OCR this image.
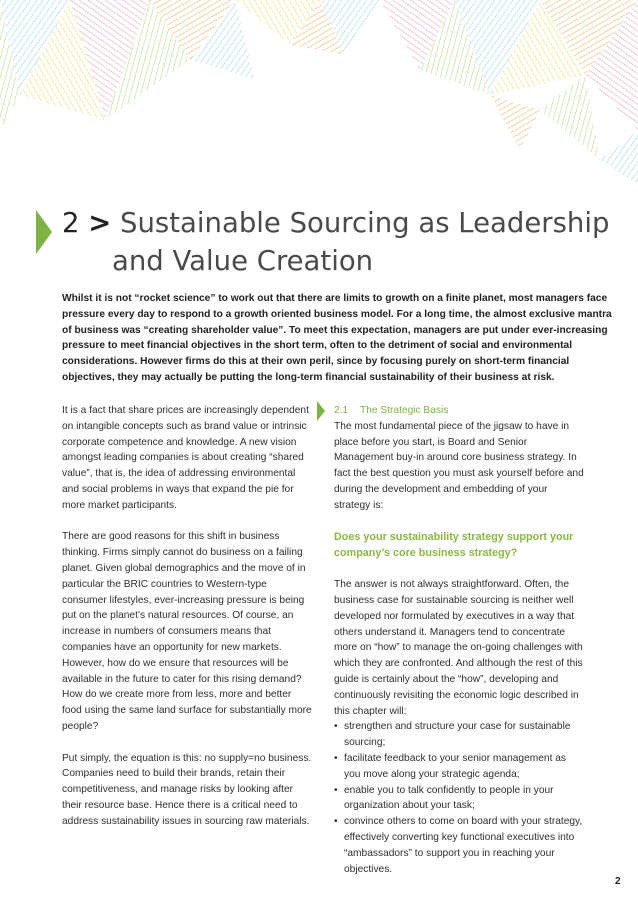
2 > Sustainable Sourcing as Leadership
and Value Creation

Whilst it is not “rocket science” to work out that there are limits to growth on a finite planet, most managers face pressure every day to respond to a growth oriented business model. For a long time, the almost exclusive mantra of business was “creating shareholder value”. To meet this expectation, managers are put under ever-increasing pressure to meet financial objectives in the short term, often to the detriment of social and environmental considerations. However firms do this at their own peril, since by focusing purely on short-term financial objectives, they may actually be putting the long-term financial sustainability of their business at risk.

It is a fact that share prices are increasingly dependent on intangible concepts such as brand value or intrinsic corporate competence and knowledge. A new vision amongst leading companies is about creating “shared value”, that is, the idea of addressing environmental and social problems in ways that expand the pie for more market participants.

There are good reasons for this shift in business thinking. Firms simply cannot do business on a failing planet. Given global demographics and the move of in particular the BRIC countries to Western-type consumer lifestyles, ever-increasing pressure is being put on the planet’s natural resources. Of course, an increase in numbers of consumers means that companies have an opportunity for new markets. However, how do we ensure that resources will be available in the future to cater for this rising demand? How do we create more from less, more and better food using the same land surface for substantially more people?

Put simply, the equation is this: no supply=no business. Companies need to build their brands, retain their competitiveness, and manage risks by looking after their resource base. Hence there is a critical need to address sustainability issues in sourcing raw materials.

2.1 The Strategic Basis

The most fundamental piece of the jigsaw to have in place before you start, is Board and Senior Management buy-in around core business strategy. In fact the best question you must ask yourself before and during the development and embedding of your strategy is:

Does your sustainability strategy support your company’s core business strategy?

The answer is not always straightforward. Often, the business case for sustainable sourcing is neither well developed nor formulated by executives in a way that others understand it. Managers tend to concentrate more on “how” to manage the on-going challenges with which they are confronted. And although the rest of this guide is certainly about the “how”, developing and continuously revisiting the economic logic described in this chapter will:

• strengthen and structure your case for sustainable sourcing;
• facilitate feedback to your senior management as you move along your strategic agenda;
• enable you to talk confidently to people in your organization about your task;
• convince others to come on board with your strategy, effectively converting key functional executives into “ambassadors” to support you in reaching your objectives.
2
